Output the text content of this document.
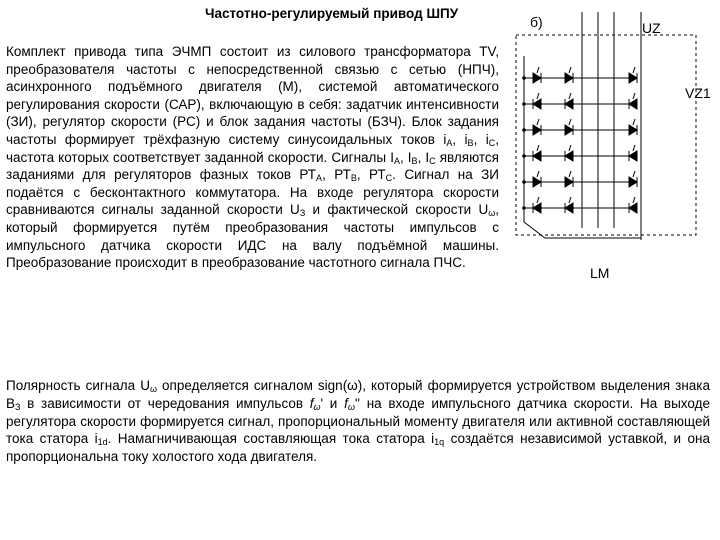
Частотно-регулируемый привод ШПУ

Комплект привода типа ЭЧМП состоит из силового трансформатора TV, преобразователя частоты с непосредственной связью с сетью (НПЧ), асинхронного подъёмного двигателя (М), системой автоматического регулирования скорости (САР), включающую в себя: задатчик интенсивности (ЗИ), регулятор скорости (РС) и блок задания частоты (БЗЧ). Блок задания частоты формирует трёхфазную систему синусоидальных токов $i_A$, $i_B$, $i_C$, частота которых соответствует заданной скорости. Сигналы $I_A$, $I_B$, $I_C$ являются заданиями для регуляторов фазных токов $РТ_A$, $РТ_B$, $РТ_C$. Сигнал на ЗИ подаётся с бесконтактного коммутатора. На входе регулятора скорости сравниваются сигналы заданной скорости $U_З$ и фактической скорости $U_\omega$, который формируется путём преобразования частоты импульсов с импульсного датчика скорости ИДС на валу подъёмной машины. Преобразование происходит в преобразование частотного сигнала ПЧС.

Полярность сигнала $U_\omega$ определяется сигналом sign(ω), который формируется устройством выделения знака $B_З$ в зависимости от чередования импульсов $f_\omega'$ и $f_\omega''$ на входе импульсного датчика скорости. На выходе регулятора скорости формируется сигнал, пропорциональный моменту двигателя или активной составляющей тока статора $i_{1d}$. Намагничивающая составляющая тока статора $i_{1q}$ создаётся независимой уставкой, и она пропорциональна току холостого хода двигателя.

б)	UZ
VZ1
LM
